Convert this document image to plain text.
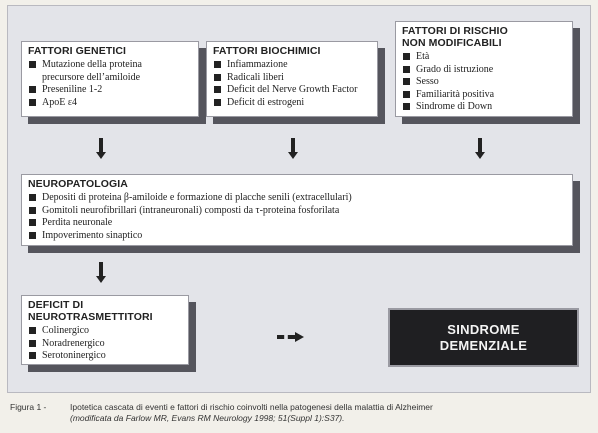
FATTORI GENETICI
Mutazione della proteina
precursore dell’amiloide
Preseniline 1-2
ApoE ε4
FATTORI BIOCHIMICI
Infiammazione
Radicali liberi
Deficit del Nerve Growth Factor
Deficit di estrogeni
FATTORI DI RISCHIO
NON MODIFICABILI
Età
Grado di istruzione
Sesso
Familiarità positiva
Sindrome di Down
NEUROPATOLOGIA
Depositi di proteina β-amiloide e formazione di placche senili (extracellulari)
Gomitoli neurofibrillari (intraneuronali) composti da τ-proteina fosforilata
Perdita neuronale
Impoverimento sinaptico
DEFICIT DI
NEUROTRASMETTITORI
Colinergico
Noradrenergico
Serotoninergico
SINDROME
DEMENZIALE
Figura 1 -	Ipotetica cascata di eventi e fattori di rischio coinvolti nella patogenesi della malattia di Alzheimer
(modificata da Farlow MR, Evans RM Neurology 1998; 51(Suppl 1):S37).
